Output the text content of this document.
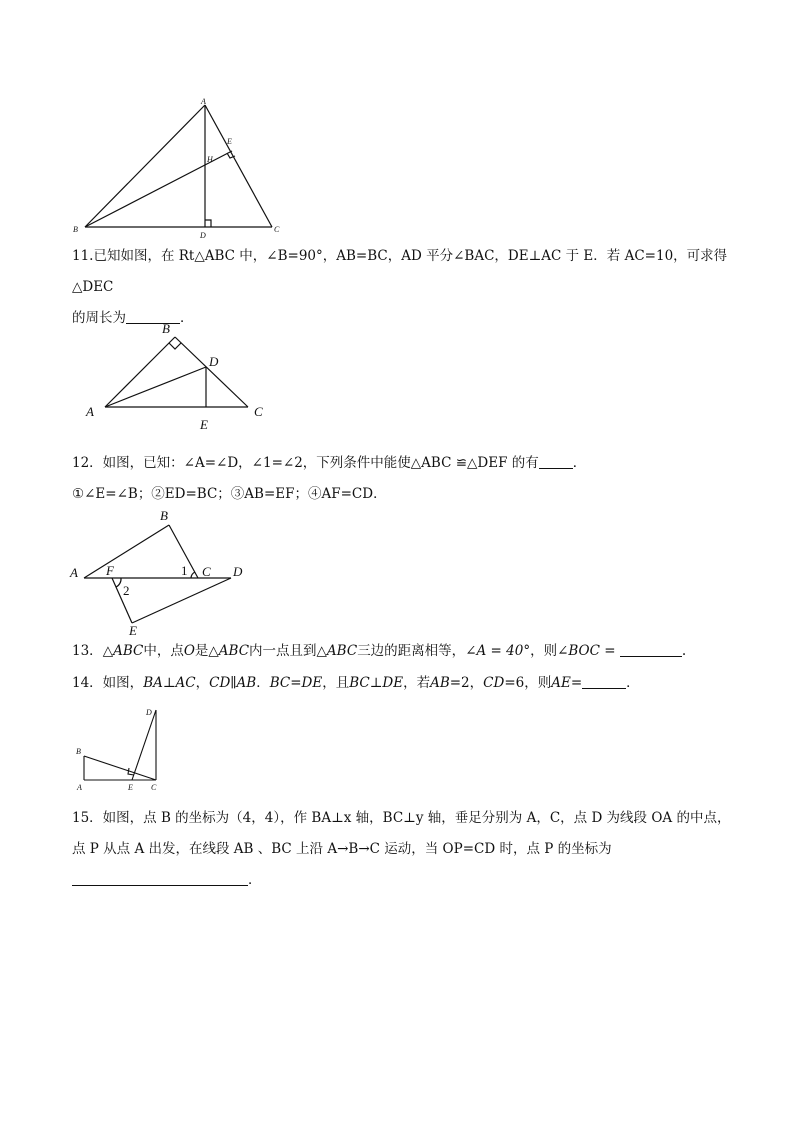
A
E
H
B
D
C

11.已知如图，在 Rt△ABC 中，∠B=90°，AB=BC，AD 平分∠BAC，DE⊥AC 于 E．若 AC=10，可求得△DEC
的周长为	．

B
D
A
E
C

12．如图，已知：∠A=∠D，∠1=∠2，下列条件中能使△ABC ≌△DEF 的有	．
①∠E=∠B；②ED=BC；③AB=EF；④AF=CD．

B
A F	1 C D
2
E

13．△ABC中，点O是△ABC内一点且到△ABC三边的距离相等，∠A = 40°，则∠BOC =	.

14．如图，BA⊥AC，CD∥AB．BC=DE，且BC⊥DE，若AB=2，CD=6，则AE=	．

D
B
A	E C

15．如图，点 B 的坐标为（4，4），作 BA⊥x 轴，BC⊥y 轴，垂足分别为 A，C，点 D 为线段 OA 的中点，
点 P 从点 A 出发，在线段 AB 、BC 上沿 A→B→C 运动，当 OP=CD 时，点 P 的坐标为
．
